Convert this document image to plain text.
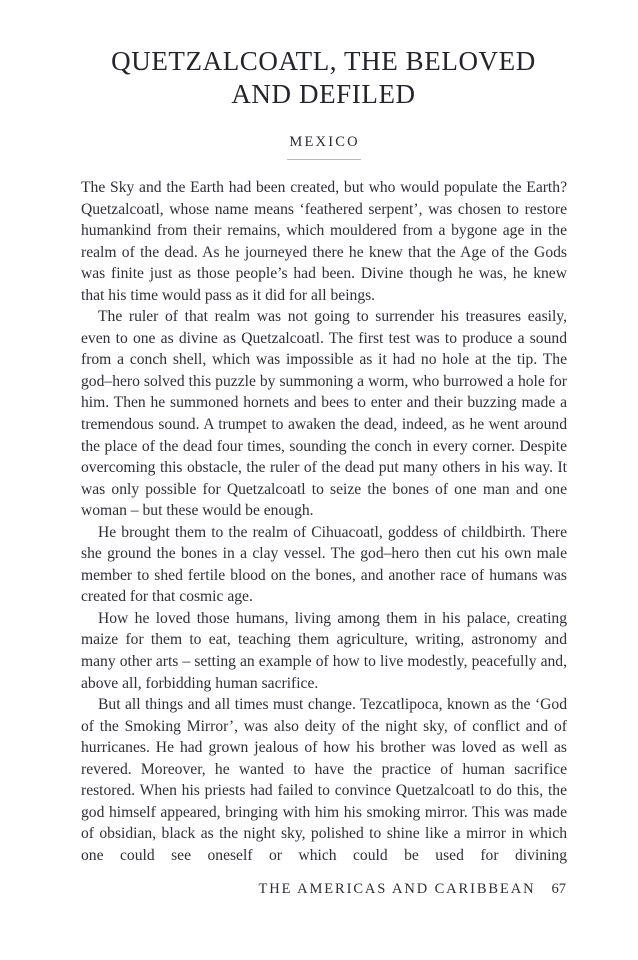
QUETZALCOATL, THE BELOVED
AND DEFILED
MEXICO

The Sky and the Earth had been created, but who would populate the Earth? Quetzalcoatl, whose name means ‘feathered serpent’, was chosen to restore humankind from their remains, which mouldered from a bygone age in the realm of the dead. As he journeyed there he knew that the Age of the Gods was finite just as those people’s had been. Divine though he was, he knew that his time would pass as it did for all beings.

The ruler of that realm was not going to surrender his treasures easily, even to one as divine as Quetzalcoatl. The first test was to produce a sound from a conch shell, which was impossible as it had no hole at the tip. The god–hero solved this puzzle by summoning a worm, who burrowed a hole for him. Then he summoned hornets and bees to enter and their buzzing made a tremendous sound. A trumpet to awaken the dead, indeed, as he went around the place of the dead four times, sounding the conch in every corner. Despite overcoming this obstacle, the ruler of the dead put many others in his way. It was only possible for Quetzalcoatl to seize the bones of one man and one woman – but these would be enough.

He brought them to the realm of Cihuacoatl, goddess of childbirth. There she ground the bones in a clay vessel. The god–hero then cut his own male member to shed fertile blood on the bones, and another race of humans was created for that cosmic age.

How he loved those humans, living among them in his palace, creating maize for them to eat, teaching them agriculture, writing, astronomy and many other arts – setting an example of how to live modestly, peacefully and, above all, forbidding human sacrifice.

But all things and all times must change. Tezcatlipoca, known as the ‘God of the Smoking Mirror’, was also deity of the night sky, of conflict and of hurricanes. He had grown jealous of how his brother was loved as well as revered. Moreover, he wanted to have the practice of human sacrifice restored. When his priests had failed to convince Quetzalcoatl to do this, the god himself appeared, bringing with him his smoking mirror. This was made of obsidian, black as the night sky, polished to shine like a mirror in which one could see oneself or which could be used for divining

THE AMERICAS AND CARIBBEAN 67
